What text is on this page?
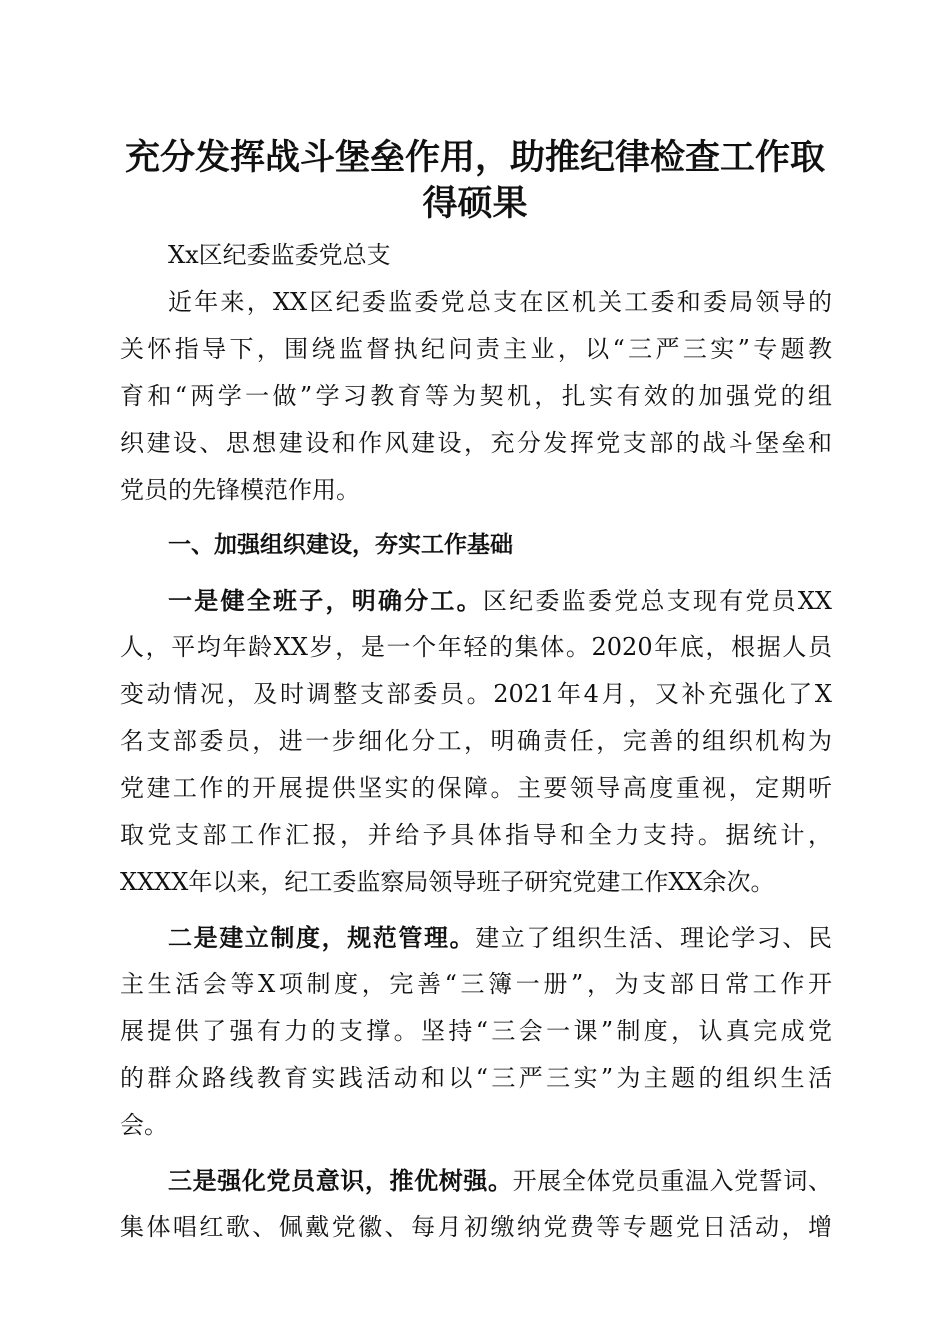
充分发挥战斗堡垒作用，助推纪律检查工作取
得硕果
Xx区纪委监委党总支
近年来，XX区纪委监委党总支在区机关工委和委局领导的
关怀指导下，围绕监督执纪问责主业，以“三严三实”专题教
育和“两学一做”学习教育等为契机，扎实有效的加强党的组
织建设、思想建设和作风建设，充分发挥党支部的战斗堡垒和
党员的先锋模范作用。
一、加强组织建设，夯实工作基础
一是健全班子，明确分工。区纪委监委党总支现有党员XX
人，平均年龄XX岁，是一个年轻的集体。2020年底，根据人员
变动情况，及时调整支部委员。2021年4月，又补充强化了X
名支部委员，进一步细化分工，明确责任，完善的组织机构为
党建工作的开展提供坚实的保障。主要领导高度重视，定期听
取党支部工作汇报，并给予具体指导和全力支持。据统计，
XXXX年以来，纪工委监察局领导班子研究党建工作XX余次。
二是建立制度，规范管理。建立了组织生活、理论学习、民
主生活会等X项制度，完善“三簿一册”，为支部日常工作开
展提供了强有力的支撑。坚持“三会一课”制度，认真完成党
的群众路线教育实践活动和以“三严三实”为主题的组织生活
会。
三是强化党员意识，推优树强。开展全体党员重温入党誓词、
集体唱红歌、佩戴党徽、每月初缴纳党费等专题党日活动，增
